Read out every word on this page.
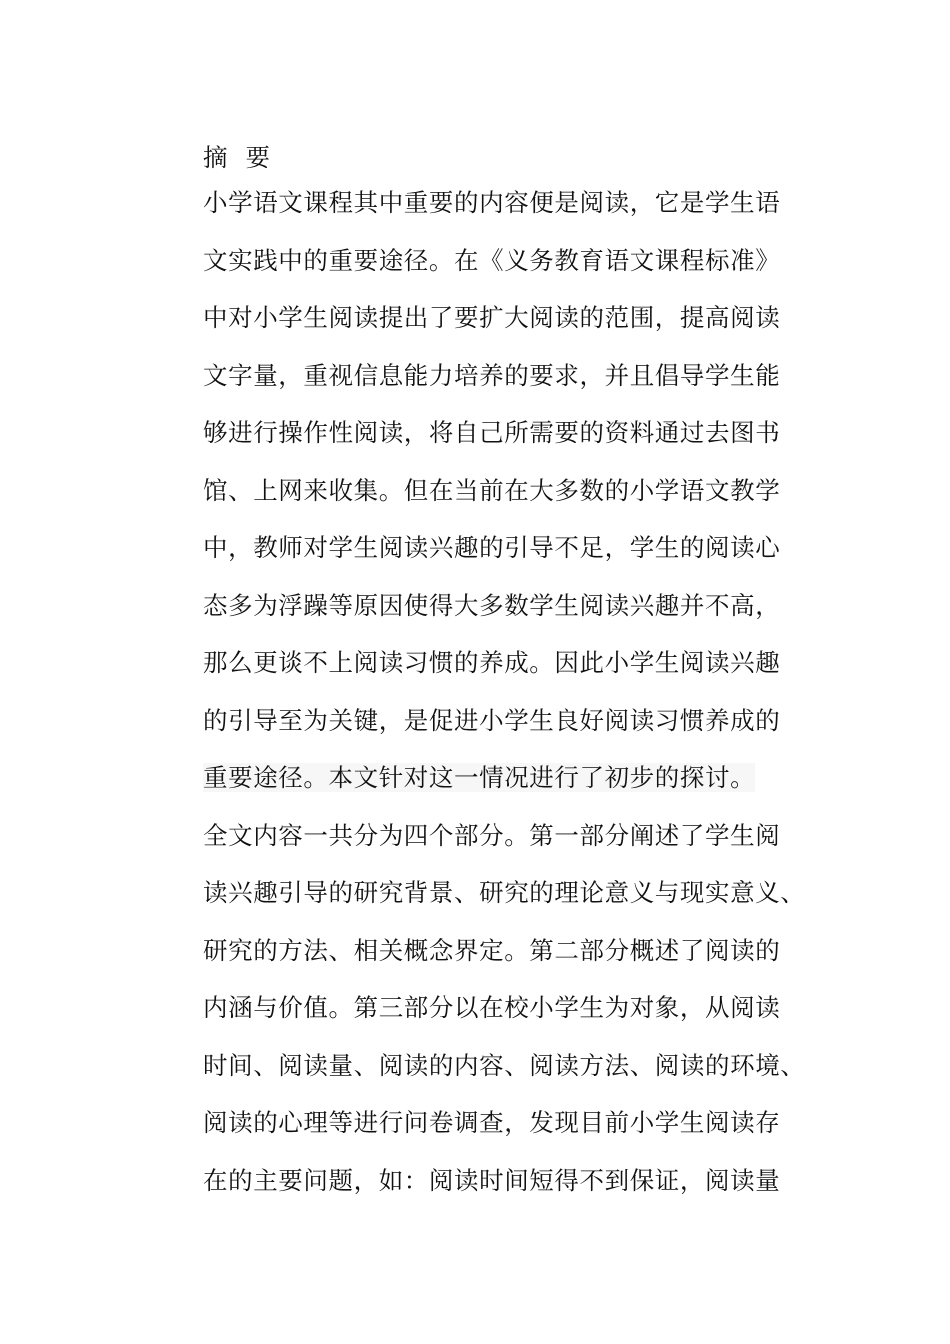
摘要
小学语文课程其中重要的内容便是阅读，它是学生语
文实践中的重要途径。在《义务教育语文课程标准》
中对小学生阅读提出了要扩大阅读的范围，提高阅读
文字量，重视信息能力培养的要求，并且倡导学生能
够进行操作性阅读，将自己所需要的资料通过去图书
馆、上网来收集。但在当前在大多数的小学语文教学
中，教师对学生阅读兴趣的引导不足，学生的阅读心
态多为浮躁等原因使得大多数学生阅读兴趣并不高，
那么更谈不上阅读习惯的养成。因此小学生阅读兴趣
的引导至为关键，是促进小学生良好阅读习惯养成的
重要途径。本文针对这一情况进行了初步的探讨。
全文内容一共分为四个部分。第一部分阐述了学生阅
读兴趣引导的研究背景、研究的理论意义与现实意义、
研究的方法、相关概念界定。第二部分概述了阅读的
内涵与价值。第三部分以在校小学生为对象，从阅读
时间、阅读量、阅读的内容、阅读方法、阅读的环境、
阅读的心理等进行问卷调查，发现目前小学生阅读存
在的主要问题，如：阅读时间短得不到保证，阅读量
